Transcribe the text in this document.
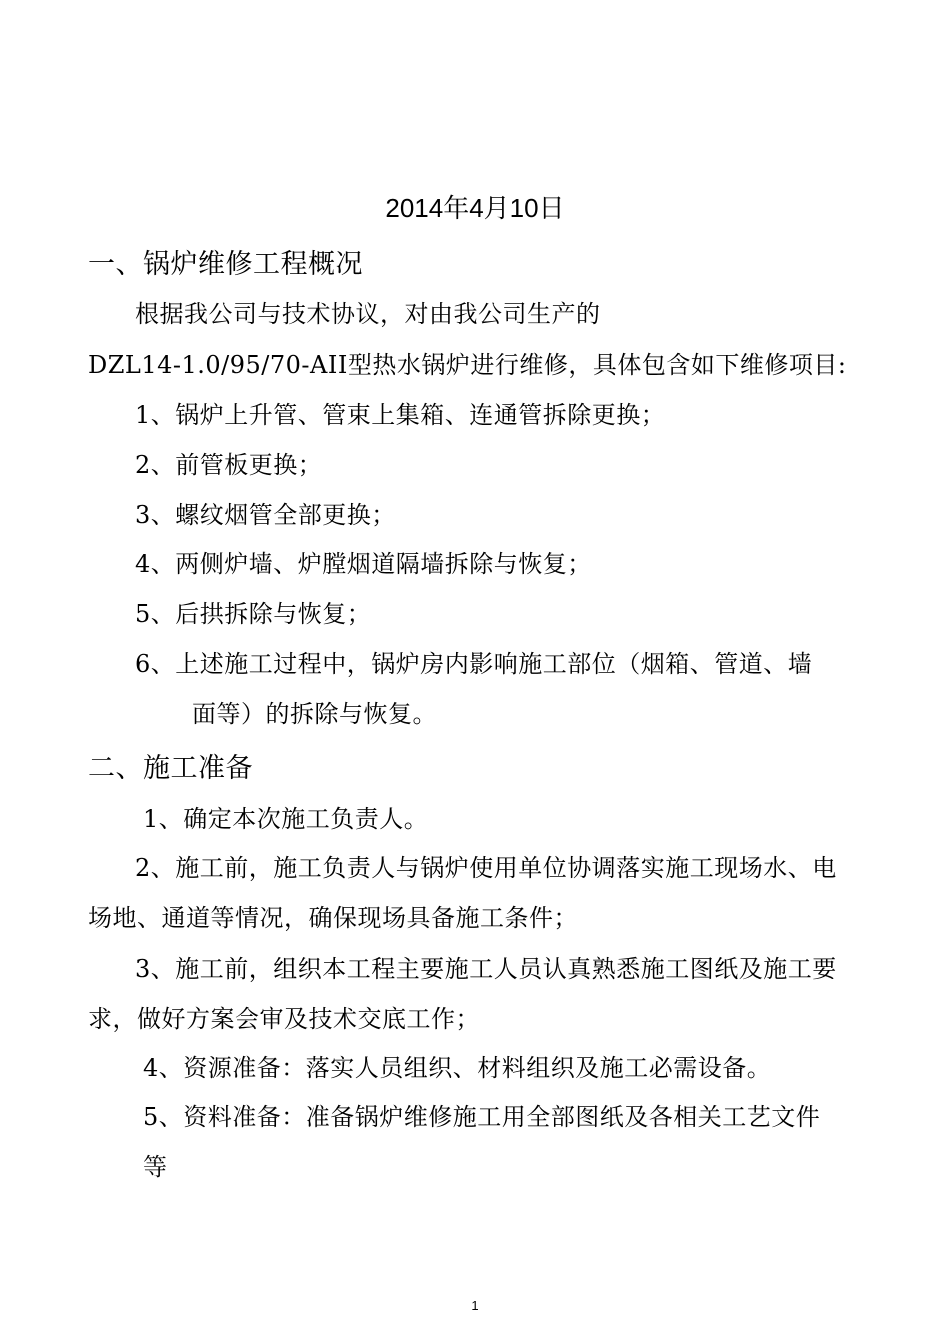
2014年4月10日
一、锅炉维修工程概况
根据我公司与技术协议，对由我公司生产的
DZL14-1.0/95/70-AII型热水锅炉进行维修，具体包含如下维修项目:
1、锅炉上升管、管束上集箱、连通管拆除更换；
2、前管板更换；
3、螺纹烟管全部更换；
4、两侧炉墙、炉膛烟道隔墙拆除与恢复；
5、后拱拆除与恢复；
6、上述施工过程中，锅炉房内影响施工部位（烟箱、管道、墙
面等）的拆除与恢复。
二、施工准备
1、确定本次施工负责人。
2、施工前，施工负责人与锅炉使用单位协调落实施工现场水、电
场地、通道等情况，确保现场具备施工条件；
3、施工前，组织本工程主要施工人员认真熟悉施工图纸及施工要
求，做好方案会审及技术交底工作；
4、资源准备：落实人员组织、材料组织及施工必需设备。
5、资料准备：准备锅炉维修施工用全部图纸及各相关工艺文件
等
1
